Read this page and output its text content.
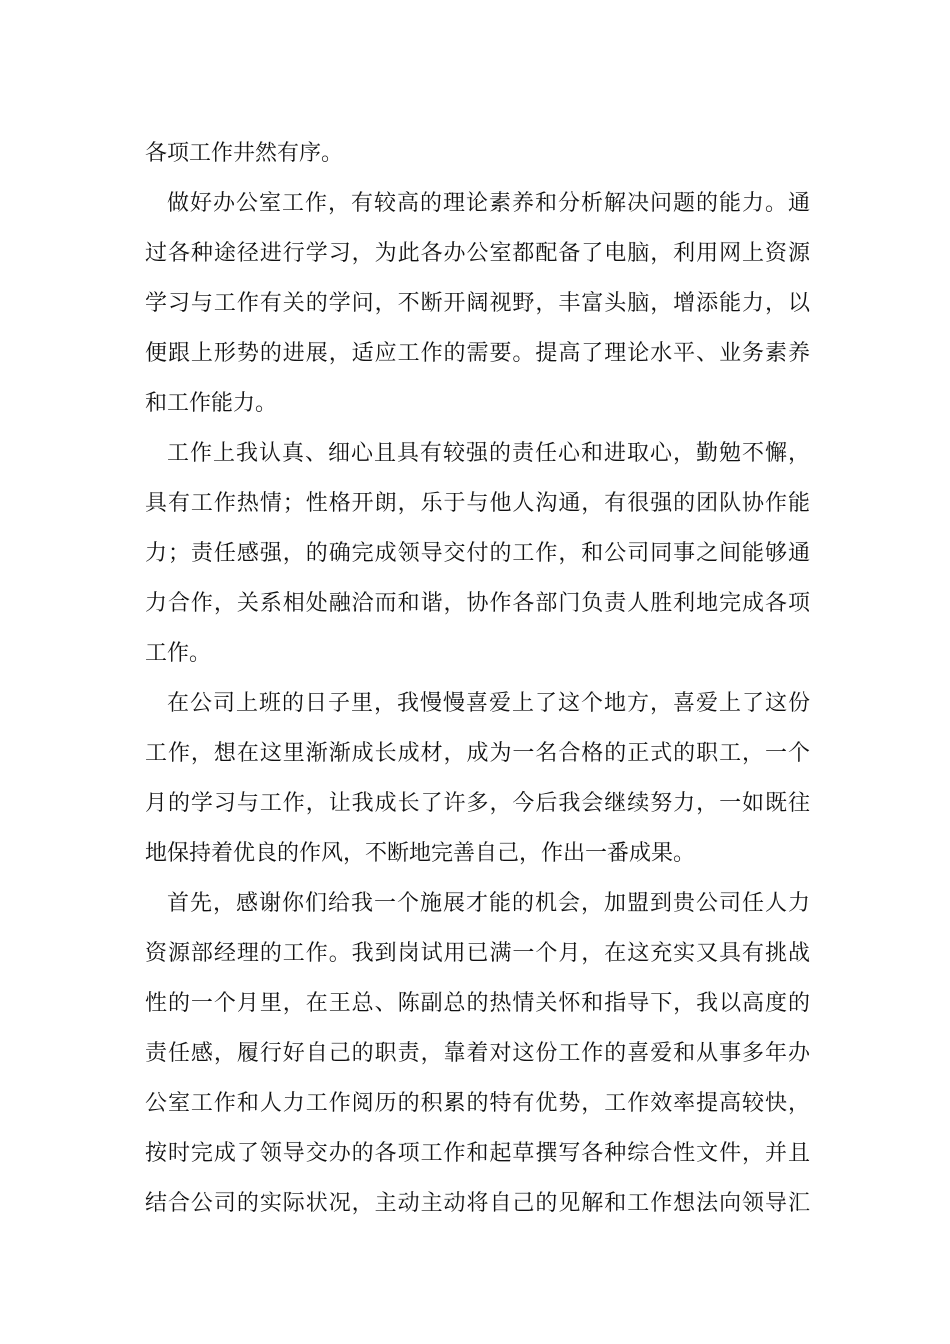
各项工作井然有序。
做好办公室工作，有较高的理论素养和分析解决问题的能力。通
过各种途径进行学习，为此各办公室都配备了电脑，利用网上资源
学习与工作有关的学问，不断开阔视野，丰富头脑，增添能力，以
便跟上形势的进展，适应工作的需要。提高了理论水平、业务素养
和工作能力。
工作上我认真、细心且具有较强的责任心和进取心，勤勉不懈，
具有工作热情；性格开朗，乐于与他人沟通，有很强的团队协作能
力；责任感强，的确完成领导交付的工作，和公司同事之间能够通
力合作，关系相处融洽而和谐，协作各部门负责人胜利地完成各项
工作。
在公司上班的日子里，我慢慢喜爱上了这个地方，喜爱上了这份
工作，想在这里渐渐成长成材，成为一名合格的正式的职工，一个
月的学习与工作，让我成长了许多，今后我会继续努力，一如既往
地保持着优良的作风，不断地完善自己，作出一番成果。
首先，感谢你们给我一个施展才能的机会，加盟到贵公司任人力
资源部经理的工作。我到岗试用已满一个月，在这充实又具有挑战
性的一个月里，在王总、陈副总的热情关怀和指导下，我以高度的
责任感，履行好自己的职责，靠着对这份工作的喜爱和从事多年办
公室工作和人力工作阅历的积累的特有优势，工作效率提高较快，
按时完成了领导交办的各项工作和起草撰写各种综合性文件，并且
结合公司的实际状况，主动主动将自己的见解和工作想法向领导汇
